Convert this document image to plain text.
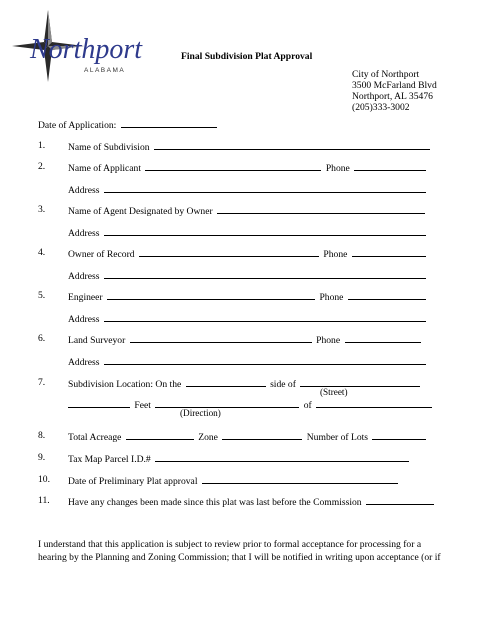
Northport
ALABAMA
Final Subdivision Plat Approval
City of Northport
3500 McFarland Blvd
Northport, AL 35476
(205)333-3002
Date of Application:
1. Name of Subdivision
2. Name of Applicant	Phone
Address
3. Name of Agent Designated by Owner
Address
4. Owner of Record	Phone
Address
5. Engineer	Phone
Address
6. Land Surveyor	Phone
Address
7. Subdivision Location: On the	side of
(Street)
Feet	of
(Direction)
8. Total Acreage	Zone	Number of Lots
9. Tax Map Parcel I.D.#
10. Date of Preliminary Plat approval
11. Have any changes been made since this plat was last before the Commission
I understand that this application is subject to review prior to formal acceptance for processing for a
hearing by the Planning and Zoning Commission; that I will be notified in writing upon acceptance (or if
